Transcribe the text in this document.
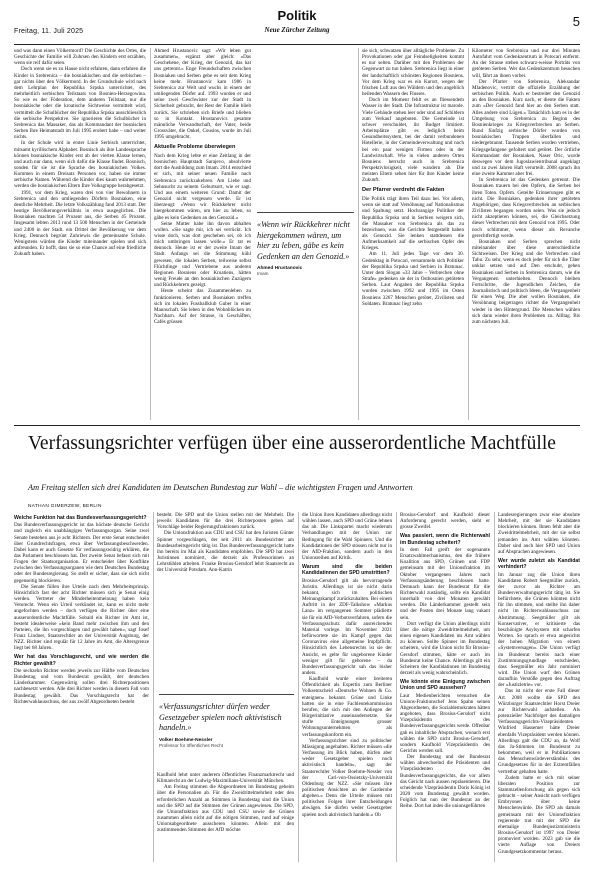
Freitag, 11. Juli 2025
Politik
Neue Zürcher Zeitung
5

und was dann einen Völkermord? Die Geschichte des Ortes, die Geschichte der Familie will Zuhrsen den Kindern erst erzählen, wenn sie reif dafür seien.

Doch wenn sie es zu Hause nicht erfahren, dann erfahren die Kinder in Srebrenica – die bosniakischen und die serbischen – gar nichts über den Völkermord. In der Grundschule wird nach dem Lehrplan der Republika Srpska unterrichtet, des mehrheitlich serbischen Teilstaats von Bosnien-Herzegowina. So wie es der Föderation, dem anderen Teilstaat, nur die bosniakische oder die kroatische Sichtweise vermittelt wird, vermittelt die Schulbücher der Republika Srpska ausschliesslich die serbische Perspektive. Sie ignorieren die Schulbücher in Srebrenica das Massaker, das als Kommandant der bosnischen Serben Ihre Heimatstadt im Juli 1995 erobert habe – und weiter nichts.

In der Schule wird in erster Linie Serbisch unterrichtet, mitsamt kyrillischem Alphabet. Bosnisch als ihre Landessprache können bosniakische Kinder erst ab der vierten Klasse lernen, und auch nur dann, wenn sich dafür die Klasse findet. Bosnisch, sonden für sie ist die Sprache des bosniakischen Volkes. Kommen in einem Dreisatz Personen vor, haben sie immer serbische Namen. Während die Kinder dies kaum wahrnehmen, werden die bosniakischen Eltern Ihre Volksgruppe herabgesetzt.

1991, vor dem Krieg, waren drei von vier Bewohnern in Srebrenica und den umliegenden Dörfern Bosniaken, eine deutliche Mehrheit. Die letzte Volkszählung fand 2013 statt. Der heutige Bevölkerungsverhältnis in etwa ausgeglichen. Die Bosniaken machten 54 Prozent aus, die Serben 45 Prozent. Insgesamt lebten 2013 rund 13 500 Menschen in der Gemeinde und 2400 in der Stadt. ein Drittel der Bevölkerung vor dem Krieg. Dennoch begrünt Zuhriewis die gemeinsame Schule. Wenigstens würden die Kinder miteinander spielen und sich anfreunden. Er hofft, dass sie so eine Chance auf eine friedliche Zukunft haben.

Ahmed Hrustanovic sagt: «Wir leben gut zusammen», ergänzt aber gleich: «Das Geschehene, der Krieg, der Genozid, das hat uns getrennt.» Enge Freundschaften zwischen Bosniaken und Serben gebe es seit dem Krieg keine mehr. Hrustanovic kam 1986 in Srebrenica zur Welt und wuchs in einem der umliegenden Dörfer auf. 1993 wurden er und seine zwei Geschwister zur der Stadt in Sicherheit gebracht, der Rest der Familie blieb zurück. Sie schrieben sich Briefe und blieben so in Kontakt. Hrustanovics gesamte männliche Verwandtschaft, der Vater, beide Grossväter, die Onkel, Cousins, wurde im Juli 1995 umgebracht.

Aktuelle Probleme überwiegen

Nach dem Krieg lebte er eine Zeitlang in der bosnischen Hauptstadt Sarajevo, absolvierte dort die Ausbildung zum Imam. 2014 entschied er sich, mit seiner neuen Familie nach Srebrenica zurückzukehren. Am Liebe und Sehnsucht zu seinem Geburtsort, wie er sagt. Und aus einem weiteren Grund: Damit der Genozid nicht vergessen werde. Er ist überzeugt: «Wenn wir Rückkehrer nicht hiergekommen wären, um hier zu leben, so gäbe es kein Gedenken an den Genozid.»

Seine Mutter habe ihn davon abhalten wollen. «Sie sagte mir, ich sei verrückt. Ich wisse doch, was dort geschehen sei, ob ich mich umbringen lassen wolle.» Er tat es dennoch. Heute ist er der zweite Imam der Stadt. Anfangs sei die Stimmung kühl gewesen, die lokalen Serben, teilweise selbst Flüchtlinge und Vertriebene aus anderen Regionen Bosniens oder Kroatiens, hätten wenig Freude an den bosniakischen Zuzügern und Rückkehrern gezeigt.

Heute scheint das Zusammenleben zu funktionieren. Serben und Bosniaken treffen sich im lokalen Fussballklub Guber in einer Mannschaft. Sie leben in den Wohnblöcken im Nachbarn. Auf der Strasse, in Geschäften, Cafés grüssen

«Wenn wir Rückkehrer nicht hiergekommen wären, um hier zu leben, gäbe es kein Gedenken an den Genozid.»
Ahmed Hrustanovic
Imam

sie sich, schwatzen über alltägliche Probleme. Zu Provokationen oder gar Feindseligkeiten kommt es nur selten. Darüber mit den Problemen der Gegenwart zu tun haben. Srebrenica liegt in einer der landschaftlich schönsten Regionen Bosniens. Vor dem Krieg war es ein Kurort, wegen der frischen Luft aus den Wäldern und den angeblich heilenden Wassern des Flusses.

Doch im Moment fehlt es an fliessendem Wasser in der Stadt. Die Infrastruktur ist marode. Viele Gebäude stehen leer oder sind auf Schildern zum Verkauf angeboten. Die Gemeinde ist schwer verschuldet, ihr Budget limitiert. Arbeitsplätze gibt es lediglich beim Gesundheitssystem, bei der damit verbundenen Hotellerie, in der Gemeindeverwaltung und noch bei ein paar wenigen Firmen oder in der Landwirtschaft. Wie in vielen anderen Orten Bosniens herrscht auch in Srebrenica Perspektivlosigkeit, viele wandern ab. Die meisten Eltern sehen hier für ihre Kinder keine Zukunft.

Der Pfarrer verdreht die Fakten

Die Politik trägt ihren Teil dazu bei. Vor allem, wenn sie statt auf Versöhnung auf Nationalismus und Spaltung setzt. Hochrangige Politiker der Republika Srpska und in Serbien weigern sich, die Massaker von Srebrenica als das zu bezeichnen, was die Gerichte festgestellt haben als Genozid. Sie lenken stattdessen die Aufmerksamkeit auf die serbischen Opfer des Krieges.

Am 11. Juli jedes Tage vor dem 30. Gedenktag in Potocari, versammeln sich Politiker der Republika Srpska und Serbien in Bratunac. Unter dem Slogan «33 Jahre – Verbrechen ohne Strafe» gedenken sie der in Ostbosnien getöteten Serben. Laut Angaben der Republika Srpska wurden zwischen 1992 und 1995 im Osten Bosniens 3267 Menschen getötet, Zivilisten und Soldaten. Bratunac liegt zehn

Kilometer von Srebrenica und nur drei Minuten Autofahrt vom Gedenkzentrum in Potocari entfernt. An der Strasse stehen schwarz-weisse Porträts von getöteten Serben. Wer das Gedenkzentrum besuchen will, fährt an ihnen vorbei.

Der Pfarrer von Srebrenica, Aleksandar Mladenovic, vertritt die offizielle Erzählung der serbischen Politik. Auch er bestreitet den Genozid an den Bosniaken. Kurz nach, er diente die Fakten zum «Der Genozid fand hier an den Serben statt. Alles andere sind Lügen.» Tatsächlich kam es in der Umgebung von Srebrenica zu Beginn des Bosnienkrieges zu Kriegsverbrechen an Serben. Rund fünfzig serbische Dörfer wurden von bosniakischen Truppen überfallen und niedergebrannt. Tausende Serben wurden vertrieben, Kriegsgefangene gefoltert und getötet. Der örtliche Kommandant der Bosniaken, Naser Oric, wurde deswegen vor dem Jugoslawientribunal angeklagt und zu zwei Jahren Haft verurteilt. 2008 sprach ihn eine zweite Kammer aber frei.

In Srebrenica ist das Gedenken getrennt. Die Bosniaken trauern bei den Opfern, die Serben bei ihren Toten. Opfern. Geteilte Erinnerungen gibt es nicht. Die Bosniaken, gedenken ihrer getöteten Angehörigen, dass Kriegsverbrechen an serbischen Zivilisten begangen worden seien. Was sie jedoch nicht akzeptieren können, sei, die Gleichsetzung dieser Verbrechen mit dem Genozid von 1995. Oder noch schlimmer, wenn dieser als Revanche gerechtfertigt werde.

Bosniaken und Serben sprechen nicht miteinander über diese unterschiedliche Sichtweisen. Der Krieg und die Verbrechen sind Tabu. Zu sehr, wenn es doch jeder für sich die Täter unklar setzen und auf Den erschuht, gehen Bosniaken und Serben in Srebrenica darum, wie die Vergangenen unterhielten. Dennoch bleiben Fortschritte, die Jugendlichen Zeichen, die Journalistisch und politisch Ideen, die Vergangenheit für einen Weg. Die aber wollen Bosniaken, die Versöhnung beigetragen richtet die Vergangenheit wieder in den Hintergrund. Die Menschen wählen sich dann wieder ihren Problemen zu. Allltag. Bis zum nächsten Juli.

Verfassungsrichter verfügen über eine ausserordentliche Machtfülle
Am Freitag stellen sich drei Kandidaten im Deutschen Bundestag zur Wahl – die wichtigsten Fragen und Antworten
NATHAN GIMERZEW, BERLIN
Welche Funktion hat das Bundesverfassungsgericht?

Das Bundesverfassungsgericht ist das höchste deutsche Gericht und zugleich ein unabhängiges Verfassungsorgan. Seine zwei Senate bestehen aus je acht Richtern. Der erste Senat entscheidet über Grundrechtsfragen, etwa über Verfassungsbeschwerden. Dabei kann er auch Gesetze für verfassungswidrig erklären, die das Parlament beschlossen hat. Der zweite Senat befasst sich mit Fragen der Staatsorganisation. Er entscheidet über Konflikte zwischen den Verfassungsorganen wie dem Deutschen Bundestag oder der Bundesregierung. So stellt er sicher, dass sie sich nicht gegenseitig blockieren.

Die Senate füllen ihre Urteile nach dem Mehrheitsprinzip. Hinsichtlich fast der acht Richter müssen sich je Senat einig werden. Vertreter der Minderheitenmeinung haben kein Vetorecht. Wenn ein Urteil verkündet ist, kann es nicht mehr angefochten werden – doch verfügen die Richter über eine ausserordentliche Machtfülle. Sobald ein Richter im Amt ist, besteht idealerweise «kein Band mehr zwischen ihm und den Parteien, die ihn vorgeschlagen und gewählt haben», sagt Josef Franz Lindner, Staatsrechtler an der Universität Augsburg, der NZZ. Richter sind regulär für 12 Jahre im Amt, die Altersgrenze liegt bei 68 Jahren.

Wer hat das Vorschlagsrecht, und wie werden die Richter gewählt?

Die sechzehn Richter werden jeweils zur Hälfte vom Deutschen Bundestag und vom Bundesrat gewählt, der deutschen Länderkammer. Gegenwärtig sollen drei Richterpositionen nachbesetzt werden. Alle drei Richter werden in diesem Fall vom Bundestag gewählt. Das Vorschlagsrecht hat der Richterwahlausschuss, der aus zwölf Abgeordneten besteht

besteht. Die SPD und die Union stellen mit der Mehrheit. Die jeweils Kandidaten für die drei Richterposten geben auf Vorschläge beider Regierungsfraktionen zurück.

Die Unionsfraktion aus CDU und CSU hat den Juristen Günter Spinner vorgeschlagen, der seit 2011 als Bundesrichter am Bundesarbeitsgericht tätig ist. Das Bundesverfassungsgericht hatte ihn bereits im Mai als Kandidaten empfohlen. Die SPD hat zwei Juristinnen nominiert, die derzeit als Professorinnen an Lehrstühlen arbeiten. Frauke Brosius-Gersdorf lehrt Staatsrecht an der Universität Potsdam. Ann-Katrin

«Verfassungsrichter dürfen weder Gesetzgeber spielen noch aktivistisch handeln.»
Volker Boehme-Nessler
Professor für öffentliches Recht

Kaufhold lehrt unter anderem öffentliches Finanzmarktrecht und Klimarecht an der Ludwig-Maximilians-Universität München.

Am Freitag stimmen die Abgeordneten im Bundestag geheim über die Personalien ab. Für die Zweidrittelmehrheit oder den erforderlichen Anzahl an Stimmen in Bundestag sind die Union und die SPD auf die Stimmen der Grünen angewiesen. Die SPD, die Unionsfraktion aus CDU und CSU sowie die Grünen zusammen allein nicht auf die nötigen Stimmen, rund auf einige Unionsabgeordnete ausscheren könnten. Allein mit den zustimmenden Stimmen der AfD möchte

die Union ihren Kandidaten allerdings nicht wählen lassen, auch SPD und Grüne lehnen das ab. Die Linkspartei macht wiederum Verhandlungen mit der Union zur Bedingung für die Wahl Spinners. Und die Kandidatinnen der SPD stossen nicht nur in der AfD-Fraktion, sondern auch in den Unionsreihen auf Kritik.

Warum sind die beiden Kandidatinnen der SPD umstritten?

Brosius-Gersdorf gilt als hervorragende Juristin. Allerdings ist sie nicht darin bekannt, sich im politischen Meinungskampf zurückzuhalten. Bei einem Auftritt in der ZDF-Talkshow «Markus Lanz» im vergangenen Sommer plädierte sie für ein AfD-Verbotsverfahren, sofern die Verfassungsschutz dafür ausreichendes Material vorlege. Im November 2021 befürwortete sie im Kampf gegen das Coronavirus eine allgemeine Impfpflicht. Hinsichtlich des Lebensrechts ist sie der Ansicht, es gelte für ungeborene Kinder weniger gilt für geborene – da Bundesverfassungsgericht sah das bisher anders.

Kaufhold wurde einer breiteren Öffentlichkeit als Expertin zum Berliner Volksentscheid «Deutsche Wohnen & Co. enteignen» bekannt. Grüne und Linke hatten sie in eine Fachleutekommission berufen, die sich mit den Anliegen der Bürgerinitiative auseinandersetzte. Sie stufte Enteignungen grosser Wohnungsunternehmen als verfassungskonform ein.

Verfassungsrichter sind zu politischer Mässigung angehalten. Richter müssen «die Verfassung im Blick haben, dürfen aber weder Gesetzgeber spielen noch aktivistisch handeln», sagt der Staatsrechtler Volker Boehme-Nessler von der Carl-von-Ossietzky-Universität Oldenburg der NZZ. «Sie müssen ihre politischen Ansichten an der Garderobe abgeben.» Denn die Urteile müssen mit politischen Folgen ihrer Entscheidungen abwägen. Sie dürfen weder Gesetzgeber spielen noch aktivistisch handeln.» Ob

Brosius-Gersdorf und Kaufhold dieser Anforderung gerecht werden, sieht er grosse Zweifel.

Was passiert, wenn die Richterwahl im Bundestag scheitert?

In dem Fall greift der sogenannte Ersatzwahlmechanismus, den die frühere Koalition aus SPD, Grünen und FDP gemeinsam mit der Unionsfraktion im Oktober vergangenen Jahres nach Verfassungsänderung beschlossen hatte. Demnach kann der Bundesrat für die Richterwahl zuständig, sollte ein Kandidat innerhalb von drei Monaten gewählt werden. Die Länderkammer gestellt sein und der Posten drei Monate lang vakant sein.

Dort verfügt die Union allerdings nicht über die nötige Zweidrittelmehrheit, um einen eigenen Kandidaten ins Amt wählen zu können. Sollte Spinner im Bundestag scheitern, wird die Union nicht für Brosius-Gersdorf stimmen, hätte er auch im Bundesrat keine Chance. Allerdings gilt ein Scheitern der Kandidatinnen im Bundestag derzeit als wenig wahrscheinlich.

Wie könnte eine Einigung zwischen Union und SPD aussehen?

Laut Medienberichten versuchen die Unions-Fraktionschef Jens Spahn seinen Abgeordneten, die Sozialdemokraten hätten angeboten, dass Brosius-Gersdorf nicht Vizepräsidentin des Bundesverfassungsgerichts werde. Offenbar gab es inhaltliche Absprachen, wonach erst wählen die SPD nicht Brosius-Gersdorf, sondern Kaufhold Vizepräsidentin des Gerichts werden soll.

Der Bundestag und der Bundesrat wählen abwechselnd die Präsidenten und Vizepräsidenten des Bundesverfassungsgerichts, die vor allem das Gericht nach aussen repräsentieren. Die scheidende Vizepräsidentin Doris König ist 2020 vom Bundestag gewählt worden. Folglich hat nun der Bundesrat an der Reihe. Dort hat indes die unionsgeführten

Landesregierungen zwar eine absolute Mehrheit, mit der sie Kandidaten blockieren können. Ihnen fehlt aber die Zweidrittelmehrheit, mit der sie selbst jemanden ins Amt wählen könnten. Daher sind auch hier SPD und Union auf Absprachen angewiesen.

Wer wurde zuletzt als Kandidat verhindert?

Im Januar zog die Union ihren Kandidaten Robert Seegmüller zurück, der zuvor als Richter am Bundesverwaltungsgericht tätig ist. Sie befürchtete, die Grünen könnten nicht für ihn stimmen, und stellte ihn daher nicht im Richterwahlausschuss zur Abstimmung. Seegmüller gilt als Konservativer, er kritisierte das beschönigte Asylsystem mit scharfen Worten. So sprach er etwa angesichts der hohen Migration von einem «Systemversagen». Die Union verfügt im Bundesrat bereits nach einer Zustimmungsgrundlage entschieden, dass Seegmüller ein Jahr nominiert wird. Die Union warf den Grünen daraufhin Verstöße gegen den Auftrag der «Justizletrie» vor.

Das ist nicht der erste Fall dieser Art. 2008 wollte die SPD den Würzburger Staatsrechtler Horst Dreier zur Richterwahl aufstellen. Als potenzieller Nachfolger des damaligen Verfassungsgerichts-Vizepräsidenten Winfried Hassemer hätte Dreier ebenfalls Vizepräsident werden können. Allerdings galt die CDU an, da Wolf das Ja-Stimmen im Bundesrat zu bekommen, weil er in Publikationen das Menschenwürdeverständnis des Grundgesetzes für in der Extremfällen vertretbar gehalten hatte.

Zudem hatte er sich mit seiner liberalen Position zur Stammzellenforschung als gegen sich gebracht – seiner Ansicht nach verfügen Embryonen über keine Menschenwürde. Die SPD als damals gemeinsam mit der Unionsfraktion regierende trat mit der SPD die ehemalige Bundesjustizministerin Brosius-Gersdorf ist 1997 von Dreier promoviert worden. 2023 gab sie die vierte Auflage von Dreiers Grundgesetzkommentar heraus.
